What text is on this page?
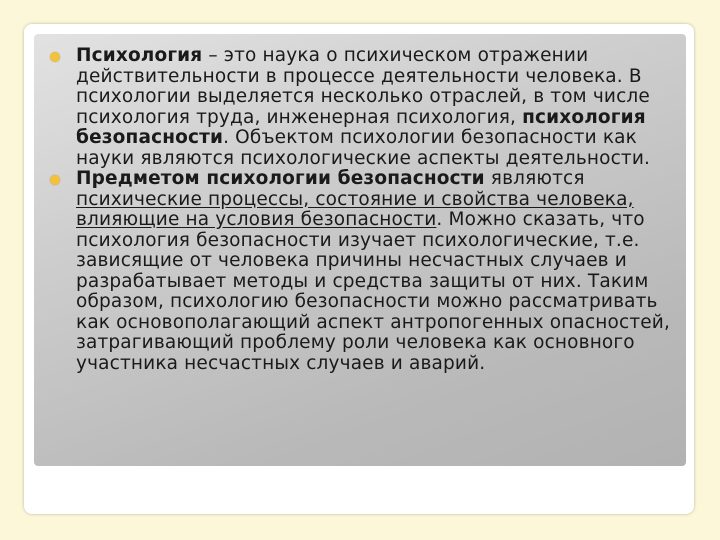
Психология – это наука о психическом отражении действительности в процессе деятельности человека. В психологии выделяется несколько отраслей, в том числе психология труда, инженерная психология, психология безопасности. Объектом психологии безопасности как науки являются психологические аспекты деятельности.
Предметом психологии безопасности являются психические процессы, состояние и свойства человека, влияющие на условия безопасности. Можно сказать, что психология безопасности изучает психологические, т.е. зависящие от человека причины несчастных случаев и разрабатывает методы и средства защиты от них. Таким образом, психологию безопасности можно рассматривать как основополагающий аспект антропогенных опасностей, затрагивающий проблему роли человека как основного участника несчастных случаев и аварий.
